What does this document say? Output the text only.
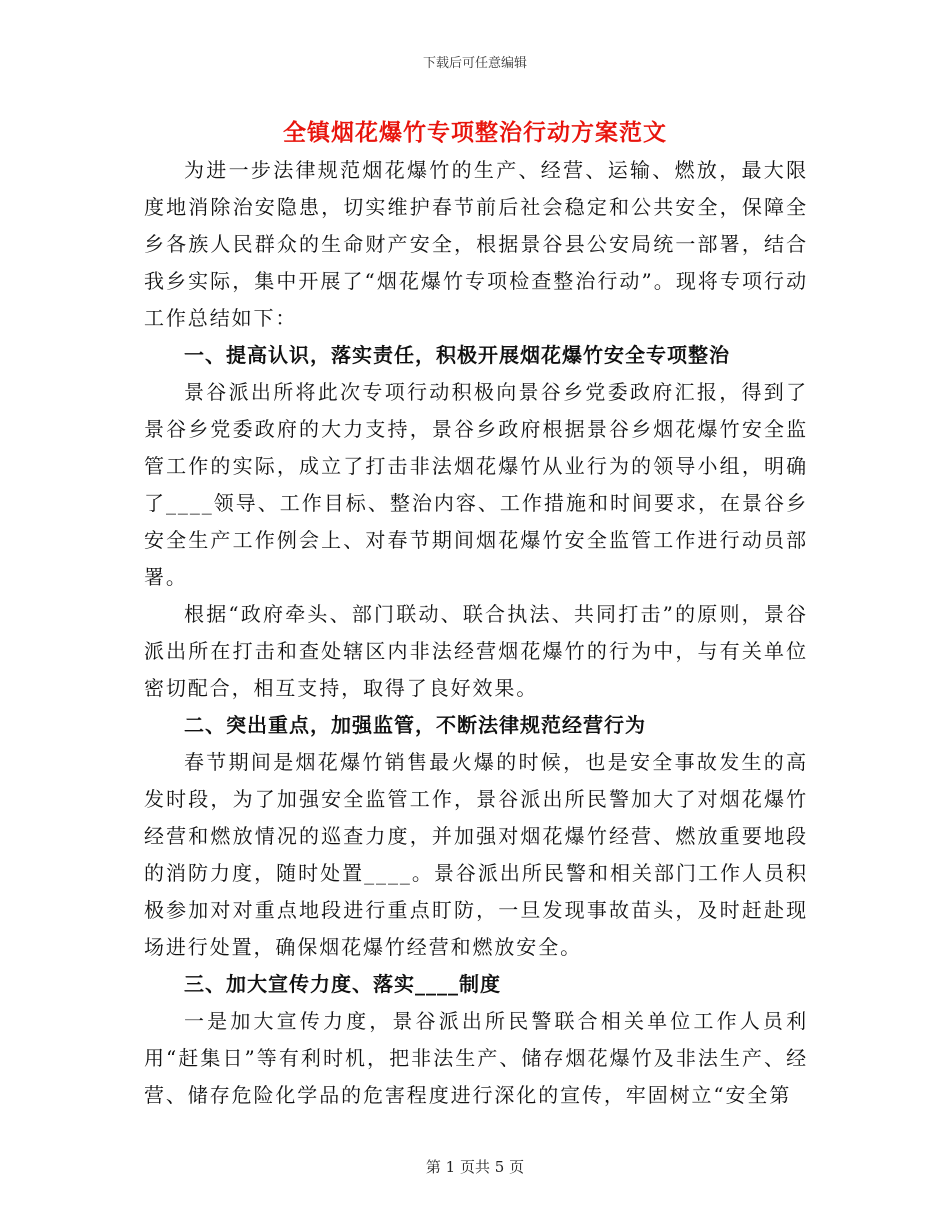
下载后可任意编辑
全镇烟花爆竹专项整治行动方案范文

为进一步法律规范烟花爆竹的生产、经营、运输、燃放，最大限度地消除治安隐患，切实维护春节前后社会稳定和公共安全，保障全乡各族人民群众的生命财产安全，根据景谷县公安局统一部署，结合我乡实际，集中开展了“烟花爆竹专项检查整治行动”。现将专项行动工作总结如下：

一、提高认识，落实责任，积极开展烟花爆竹安全专项整治

景谷派出所将此次专项行动积极向景谷乡党委政府汇报，得到了景谷乡党委政府的大力支持，景谷乡政府根据景谷乡烟花爆竹安全监管工作的实际，成立了打击非法烟花爆竹从业行为的领导小组，明确了____领导、工作目标、整治内容、工作措施和时间要求，在景谷乡安全生产工作例会上、对春节期间烟花爆竹安全监管工作进行动员部署。

根据“政府牵头、部门联动、联合执法、共同打击”的原则，景谷派出所在打击和查处辖区内非法经营烟花爆竹的行为中，与有关单位密切配合，相互支持，取得了良好效果。

二、突出重点，加强监管，不断法律规范经营行为

春节期间是烟花爆竹销售最火爆的时候，也是安全事故发生的高发时段，为了加强安全监管工作，景谷派出所民警加大了对烟花爆竹经营和燃放情况的巡查力度，并加强对烟花爆竹经营、燃放重要地段的消防力度，随时处置____。景谷派出所民警和相关部门工作人员积极参加对对重点地段进行重点盯防，一旦发现事故苗头，及时赶赴现场进行处置，确保烟花爆竹经营和燃放安全。

三、加大宣传力度、落实____制度

一是加大宣传力度，景谷派出所民警联合相关单位工作人员利用“赶集日”等有利时机，把非法生产、储存烟花爆竹及非法生产、经营、储存危险化学品的危害程度进行深化的宣传，牢固树立“安全第

第 1 页共 5 页
